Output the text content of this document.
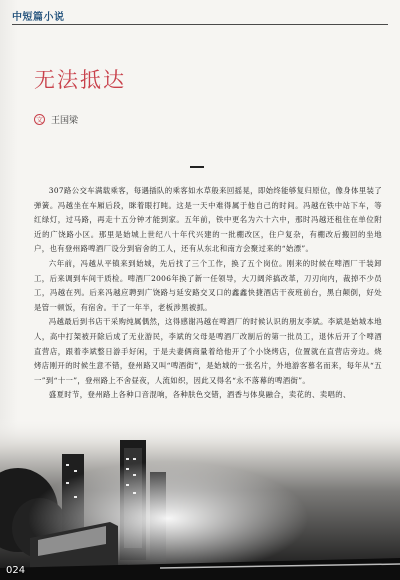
中短篇小说
无法抵达
文 王国梁

307路公交车满载乘客，每遇插队的乘客如水草般来回摇晃，即始终能够复归原位，像身体里装了弹簧。冯越坐在车厢后段，眯着眼打盹。这是一天中难得属于他自己的时间。冯越在铁中站下车，等红绿灯，过马路，再走十五分钟才能到家。五年前，铁中更名为六十六中，那时冯越还租住在单位附近的广饶路小区。那里是始城上世纪八十年代兴建的一批棚改区，住户复杂，有棚改后搬回的坐地户，也有登州路啤酒厂设分到宿舍的工人，还有从东北和南方会聚过来的“始漂”。

六年前，冯越从平镇来到始城，先后找了三个工作，换了五个岗位。刚来的时候在啤酒厂干装卸工，后来调到车间干质检。啤酒厂2006年换了新一任领导，大刀阔斧搞改革，刀刃向内，裁掉不少员工，冯越在列。后来冯越应聘到广饶路与延安路交叉口的鑫鑫快捷酒店干夜班前台，黑白颠倒，好处是管一顿饭，有宿舍。干了一年半，老板涉黑被抓。

冯越最后到书店干采购纯属偶然，这得感谢冯越在啤酒厂的时候认识的朋友李斌。李斌是始城本地人，高中打架被开除后成了无业游民，李斌的父母是啤酒厂改制后的第一批员工，退休后开了个啤酒直营店，跟着李斌整日游手好闲，于是夫妻俩商量着给他开了个小饶烤店，位置就在直营店旁边。烧烤店刚开的时候生意不错，登州路又叫“啤酒街”，是始城的一张名片，外地游客慕名而来，每年从“五一”到“十一”，登州路上不舍昼夜，人流如织，因此又得名“永不落幕的啤酒街”。

盛夏时节，登州路上各种口音混响，各种肤色交错，酒香与体臭融合，卖花的、卖唱的、

024
